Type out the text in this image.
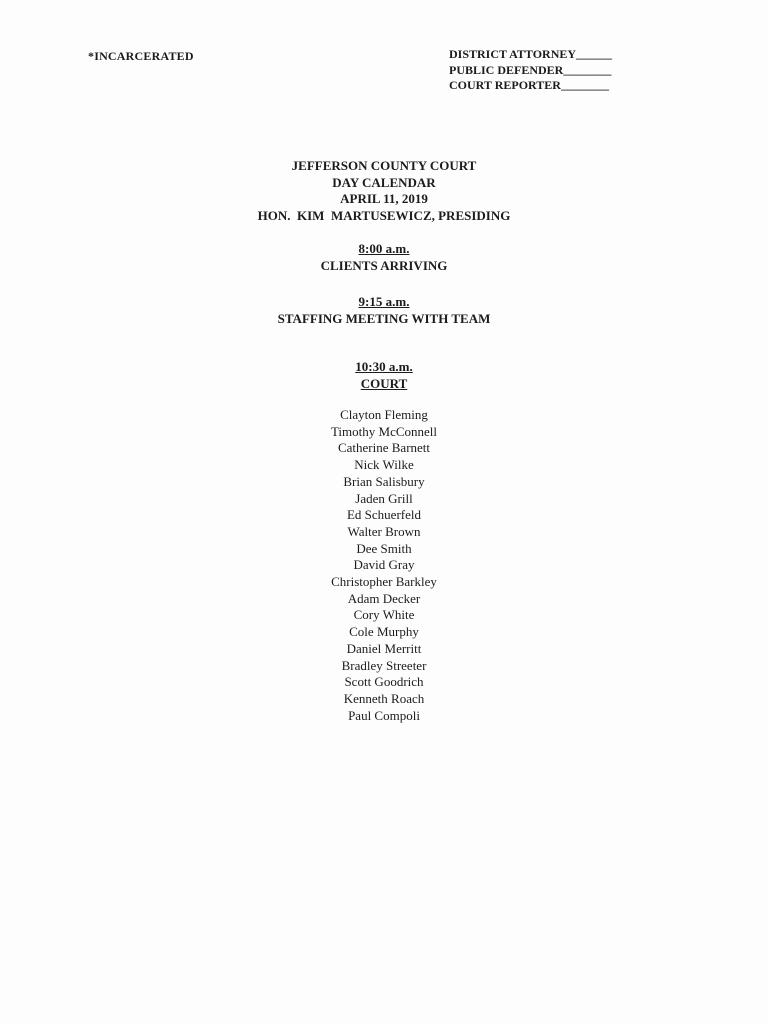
*INCARCERATED	DISTRICT ATTORNEY______
PUBLIC DEFENDER________
COURT REPORTER________
JEFFERSON COUNTY COURT
DAY CALENDAR
APRIL 11, 2019
HON.  KIM  MARTUSEWICZ, PRESIDING
8:00 a.m.
CLIENTS ARRIVING
9:15 a.m.
STAFFING MEETING WITH TEAM
10:30 a.m.
COURT
Clayton Fleming
Timothy McConnell
Catherine Barnett
Nick Wilke
Brian Salisbury
Jaden Grill
Ed Schuerfeld
Walter Brown
Dee Smith
David Gray
Christopher Barkley
Adam Decker
Cory White
Cole Murphy
Daniel Merritt
Bradley Streeter
Scott Goodrich
Kenneth Roach
Paul Compoli
